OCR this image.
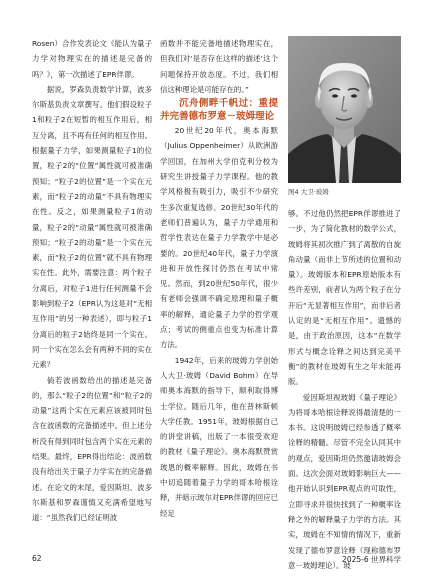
Rosen）合作发表论文《能认为量子力学对物理实在的描述是完备的吗？》，第一次描述了EPR佯谬。

据说，罗森负责数学计算，波多尔斯基负责文章撰写。他们假设粒子1和粒子2在短暂的相互作用后，相互分离，且不再有任何的相互作用。根据量子力学，如果测量粒子1的位置，粒子2的“位置”属性就可被准确预知；“粒子2的位置”是一个实在元素，而“粒子2的动量”不具有物理实在性。反之，如果测量粒子1的动量，粒子2的“动量”属性就可被准确预知；“粒子2的动量”是一个实在元素，而“粒子2的位置”就不具有物理实在性。此外，需要注意：两个粒子分离后，对粒子1进行任何测量不会影响到粒子2（EPR认为这是对“无相互作用”的另一种表述），即与粒子1分离后的粒子2始终是同一个实在。同一个实在怎么会有两种不同的实在元素？

倘若波函数给出的描述是完备的，那么“粒子2的位置”和“粒子2的动量”这两个实在元素应该被同时包含在波函数的完备描述中。但上述分析没有得到同时包含两个实在元素的结果。最终，EPR得出结论：波函数没有给出关于量子力学实在的完备描述。在论文的末尾，爱因斯坦、波多尔斯基和罗森谨慎又充满希望地写道：“虽然我们已经证明波

函数并不能完备地描述物理实在，但我们对‘是否存在这样的描述’这个问题保持开放态度。不过，我们相信这种理论是可能存在的。”

沉舟侧畔千帆过：重提并完善德布罗意－玻姆理论

20世纪20年代，奥本海默（Julius Oppenheimer）从欧洲游学回国，在加州大学伯克利分校为研究生讲授量子力学课程。他的教学风格极有吸引力，吸引不少研究生多次重复选修。20世纪30年代的老师们普遍认为，量子力学通用和哲学性表达在量子力学教学中是必要的。20世纪40年代，量子力学演进和开放性探讨仍然在考试中常见。然而，到20世纪50年代，很少有老师会强调不确定原理和量子概率的解释，通论量子力学的哲学观点；考试的侧重点也变为标准计算方法。

1942年，后来的玻姆力学创始人大卫·玻姆（David Bohm）在导师奥本海默的指导下，顺利取得博士学位。随后几年，他在普林斯顿大学任教。1951年，玻姆根据自己的讲堂讲稿，出版了一本很受欢迎的教材《量子理论》。奥本海默赞赏玻恩的概率解释。因此，玻姆在书中切追随着量子力学的哥本哈根诠释，并暗示玻尔对EPR佯谬的回应已经足

图4 大卫·玻姆

够。不过他仍然把EPR佯谬推进了一步，为了简化教材的数学公式，玻姆将其初次推广到了离散的自旋角动量（而非上节所述的位置和动量）。玻姆版本和EPR原始版本有些许差别，前者认为两个粒子在分开后“无显著相互作用”，而非后者认定的是“无相互作用”。遗憾的是，由于政治原因，这本“在数学形式与概念诠释之间达到完美平衡”的教材在玻姆有生之年未能再版。

爱因斯坦视玻姆《量子理论》为将哥本哈根诠释说得最清楚的一本书。这说明玻姆已经参透了概率诠释的精髓。尽管不完全认同其中的观点，爱因斯坦仍然邀请玻姆会面。这次会面对玻姆影响巨大——他开始认识到EPR观点的可取性，立即寻求并很快找到了一种概率诠释之外的解释量子力学的方法。其实，玻姆在不知情的情况下，重新发现了德布罗意诠释（现称德布罗意－玻姆理论）。玻

62	2025-6 世界科学
